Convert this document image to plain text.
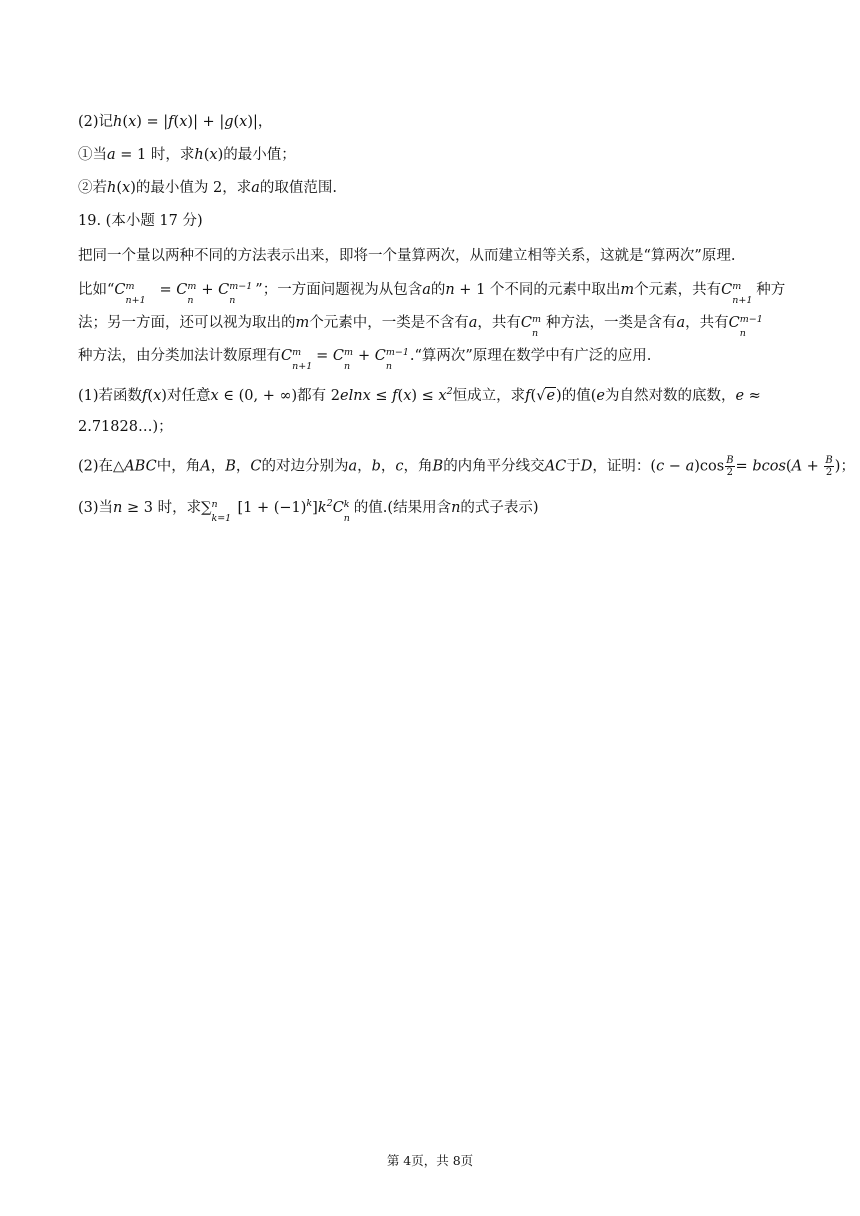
(2)记h(x) = |f(x)| + |g(x)|，
①当a = 1 时，求h(x)的最小值；
②若h(x)的最小值为 2，求a的取值范围.
19. (本小题 17 分)
把同一个量以两种不同的方法表示出来，即将一个量算两次，从而建立相等关系，这就是“算两次”原理.
比如“C m
n+1
= C m
n
+ C m−1
n
”；一方面问题视为从包含a的n + 1 个不同的元素中取出m个元素，共有C m
n+1
种方
法；另一方面，还可以视为取出的m个元素中，一类是不含有a，共有C m
n
种方法，一类是含有a，共有C m−1
n
种方法，由分类加法计数原理有C m
n+1
= C m
n
+ C m−1
n
.“算两次”原理在数学中有广泛的应用.
(1)若函数f(x)对任意x ∈ (0, + ∞)都有 $2elnx \le f(x) \le x^2$恒成立，求f(√e)的值(e为自然对数的底数，e ≈
2.71828…)；
(2)在△ABC中，角A，B，C的对边分别为a，b，c，角B的内角平分线交AC于D，证明：$(c - a)\cos \frac{B}{2} = bcos(A + \frac{B}{2}$ )；
(3)当n ≥ 3 时，求∑ n
k=1
$[1 + (-1)^k]k^2C$ k
n
的值.(结果用含n的式子表示)
第 4页，共 8页
